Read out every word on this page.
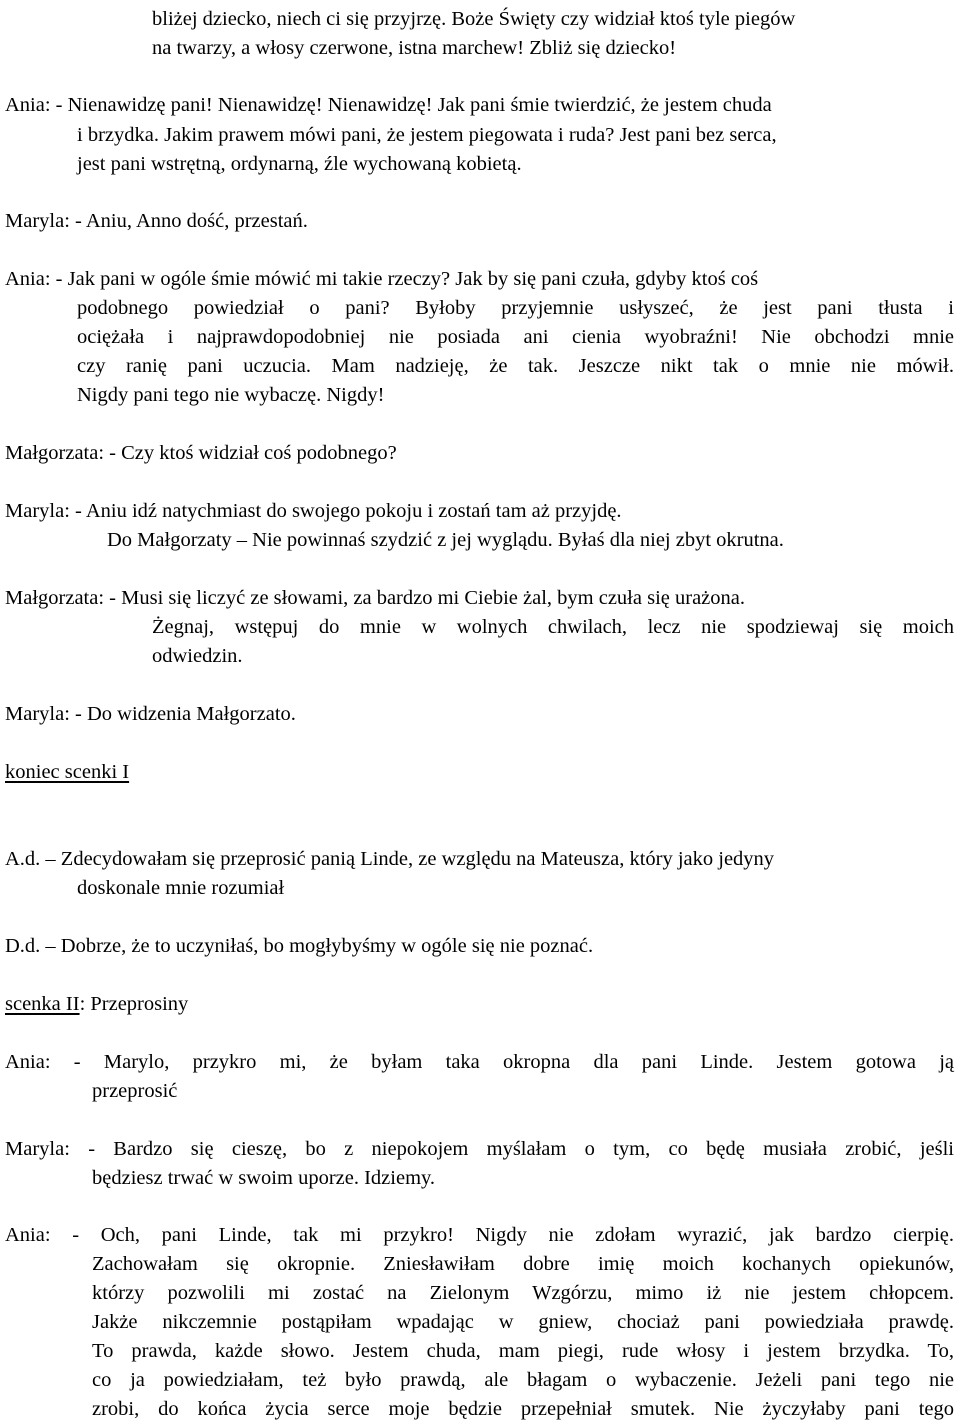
bliżej dziecko, niech ci się przyjrzę. Boże Święty czy widział ktoś tyle piegów
na twarzy, a włosy czerwone, istna marchew! Zbliż się dziecko!
Ania: - Nienawidzę pani! Nienawidzę! Nienawidzę! Jak pani śmie twierdzić, że jestem chuda
i brzydka. Jakim prawem mówi pani, że jestem piegowata i ruda? Jest pani bez serca,
jest pani wstrętną, ordynarną, źle wychowaną kobietą.
Maryla: - Aniu, Anno dość, przestań.
Ania: - Jak pani w ogóle śmie mówić mi takie rzeczy? Jak by się pani czuła, gdyby ktoś coś
podobnego powiedział o pani? Byłoby przyjemnie usłyszeć, że jest pani tłusta i
ociężała i najprawdopodobniej nie posiada ani cienia wyobraźni! Nie obchodzi mnie
czy ranię pani uczucia. Mam nadzieję, że tak. Jeszcze nikt tak o mnie nie mówił.
Nigdy pani tego nie wybaczę. Nigdy!
Małgorzata: - Czy ktoś widział coś podobnego?
Maryla: - Aniu idź natychmiast do swojego pokoju i zostań tam aż przyjdę.
Do Małgorzaty – Nie powinnaś szydzić z jej wyglądu. Byłaś dla niej zbyt okrutna.
Małgorzata: - Musi się liczyć ze słowami, za bardzo mi Ciebie żal, bym czuła się urażona.
Żegnaj, wstępuj do mnie w wolnych chwilach, lecz nie spodziewaj się moich
odwiedzin.
Maryla: - Do widzenia Małgorzato.
koniec scenki I
A.d. – Zdecydowałam się przeprosić panią Linde, ze względu na Mateusza, który jako jedyny
doskonale mnie rozumiał
D.d. – Dobrze, że to uczyniłaś, bo mogłybyśmy w ogóle się nie poznać.
scenka II: Przeprosiny
Ania: - Marylo, przykro mi, że byłam taka okropna dla pani Linde. Jestem gotowa ją
przeprosić
Maryla: - Bardzo się cieszę, bo z niepokojem myślałam o tym, co będę musiała zrobić, jeśli
będziesz trwać w swoim uporze. Idziemy.
Ania: - Och, pani Linde, tak mi przykro! Nigdy nie zdołam wyrazić, jak bardzo cierpię.
Zachowałam się okropnie. Zniesławiłam dobre imię moich kochanych opiekunów,
którzy pozwolili mi zostać na Zielonym Wzgórzu, mimo iż nie jestem chłopcem.
Jakże nikczemnie postąpiłam wpadając w gniew, chociaż pani powiedziała prawdę.
To prawda, każde słowo. Jestem chuda, mam piegi, rude włosy i jestem brzydka. To,
co ja powiedziałam, też było prawdą, ale błagam o wybaczenie. Jeżeli pani tego nie
zrobi, do końca życia serce moje będzie przepełniał smutek. Nie życzyłaby pani tego
